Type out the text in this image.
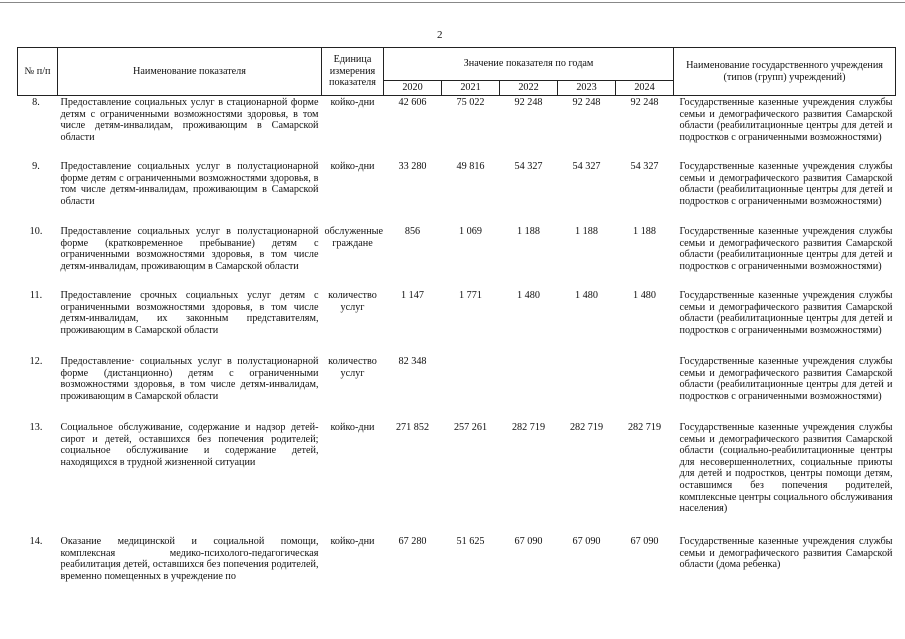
2
№ п/п	Наименование показателя	Единица измерения показателя	Значение показателя по годам					Наименование государственного учреждения (типов (групп) учреждений)
			2020	2021	2022	2023	2024	
8.	Предоставление социальных услуг в стационарной форме детям с ограниченными возможностями здоровья, в том числе детям-инвалидам, проживающим в Самарской области	койко-дни	42 606	75 022	92 248	92 248	92 248	Государственные казенные учреждения службы семьи и демографического развития Самарской области (реабилитационные центры для детей и подростков с ограниченными возможностями)
9.	Предоставление социальных услуг в полустационарной форме детям с ограниченными возможностями здоровья, в том числе детям-инвалидам, проживающим в Самарской области	койко-дни	33 280	49 816	54 327	54 327	54 327	Государственные казенные учреждения службы семьи и демографического развития Самарской области (реабилитационные центры для детей и подростков с ограниченными возможностями)
10.	Предоставление социальных услуг в полустационарной форме (кратковременное пребывание) детям с ограниченными возможностями здоровья, в том числе детям-инвалидам, проживающим в Самарской области	обслуженные граждане	856	1 069	1 188	1 188	1 188	Государственные казенные учреждения службы семьи и демографического развития Самарской области (реабилитационные центры для детей и подростков с ограниченными возможностями)
11.	Предоставление срочных социальных услуг детям с ограниченными возможностями здоровья, в том числе детям-инвалидам, их законным представителям, проживающим в Самарской области	количество услуг	1 147	1 771	1 480	1 480	1 480	Государственные казенные учреждения службы семьи и демографического развития Самарской области (реабилитационные центры для детей и подростков с ограниченными возможностями)
12.	Предоставление· социальных услуг в полустационарной форме (дистанционно) детям с ограниченными возможностями здоровья, в том числе детям-инвалидам, проживающим в Самарской области	количество услуг	82 348					Государственные казенные учреждения службы семьи и демографического развития Самарской области (реабилитационные центры для детей и подростков с ограниченными возможностями)
13.	Социальное обслуживание, содержание и надзор детей-сирот и детей, оставшихся без попечения родителей; социальное обслуживание и содержание детей, находящихся в трудной жизненной ситуации	койко-дни	271 852	257 261	282 719	282 719	282 719	Государственные казенные учреждения службы семьи и демографического развития Самарской области (социально-реабилитационные центры для несовершеннолетних, социальные приюты для детей и подростков, центры помощи детям, оставшимся без попечения родителей, комплексные центры социального обслуживания населения)
14.	Оказание медицинской и социальной помощи, комплексная медико-психолого-педагогическая реабилитация детей, оставшихся без попечения родителей, временно помещенных в учреждение по	койко-дни	67 280	51 625	67 090	67 090	67 090	Государственные казенные учреждения службы семьи и демографического развития Самарской области (дома ребенка)
